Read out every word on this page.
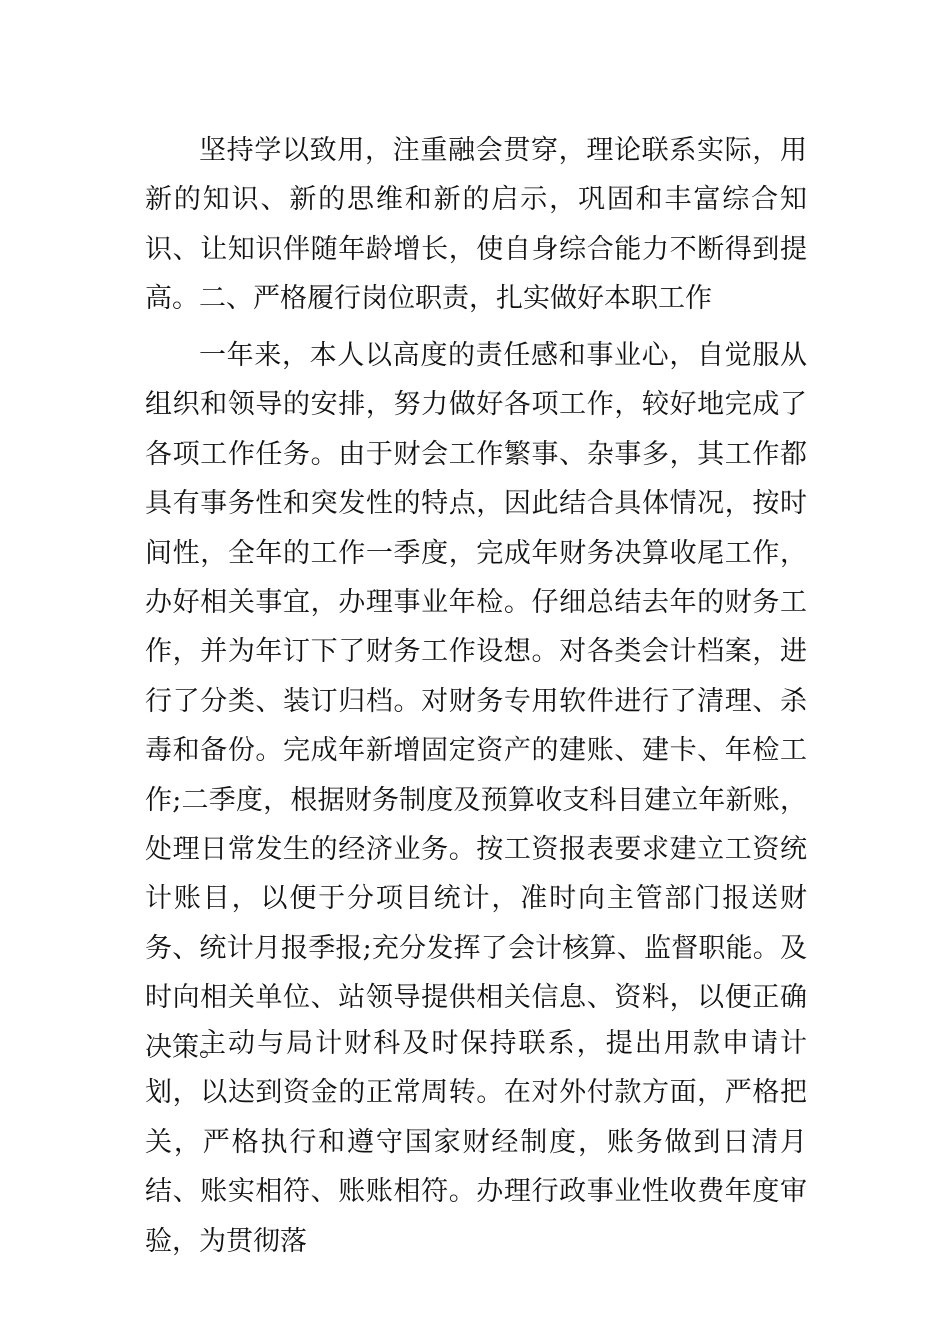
坚持学以致用，注重融会贯穿，理论联系实际，用新的知识、新的思维和新的启示，巩固和丰富综合知识、让知识伴随年龄增长，使自身综合能力不断得到提高。 二、严格履行岗位职责，扎实做好本职工作

一年来，本人以高度的责任感和事业心，自觉服从组织和领导的安排，努力做好各项工作，较好地完成了各项工作任务。由于财会工作繁事、杂事多，其工作都具有事务性和突发性的特点，因此结合具体情况，按时间性，全年的工作一季度，完成年财务决算收尾工作，办好相关事宜，办理事业年检。仔细总结去年的财务工作，并为年订下了财务工作设想。对各类会计档案，进行了分类、装订归档。对财务专用软件进行了清理、杀毒和备份。完成年新增固定资产的建账、建卡、年检工作;二季度，根据财务制度及预算收支科目建立年新账，处理日常发生的经济业务。按工资报表要求建立工资统计账目，以便于分项目统计，准时向主管部门报送财务、统计月报季报;充分发挥了会计核算、监督职能。及时向相关单位、站领导提供相关信息、资料，以便正确决策。

主动与局计财科及时保持联系，提出用款申请计划，以达到资金的正常周转。在对外付款方面，严格把关，严格执行和遵守国家财经制度，账务做到日清月结、账实相符、账账相符。办理行政事业性收费年度审验，为贯彻落
